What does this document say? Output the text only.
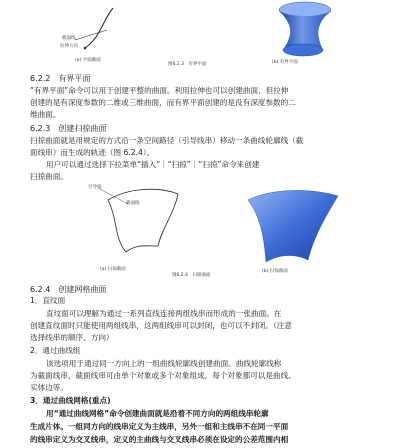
截面线
拉伸方向
(a) 平面截面	(b) 有界平面
图6.2.3　有界平面
6.2.2　有界平面
“有界平面”命令可以用于创建平整的曲面。利用拉伸也可以创建曲面，但拉伸
创建的是有深度参数的二维或三维曲面，而有界平面创建的是没有深度参数的二
维曲面。
6.2.3　创建扫掠曲面
扫掠曲面就是用规定的方式沿一条空间路径（引导线串）移动一条曲线轮廓线（截
面线串）而生成的轨迹（图 6.2.4）。
用户可以通过选择下拉菜单“插入”｜“扫掠”｜“扫掠”命令来创建
扫掠曲面。
引导线
截面线
(a) 扫掠截面	(b) 扫掠曲面
图6.2.4　扫掠曲面
6.2.4　创建网格曲面
1．直纹面
直纹面可以理解为通过一系列直线连接两组线串而形成的一张曲面。在
创建直纹面时只能使用两组线串，这两组线串可以封闭，也可以不封闭。（注意
选择线串的顺序、方向）
2．通过曲线组
该选项用于通过同一方向上的一组曲线轮廓线创建曲面。曲线轮廓线称
为截面线串，截面线串可由单个对象或多个对象组成，每个对象都可以是曲线、
实体边等。
3．通过曲线网格(重点)
用“通过曲线网格”命令创建曲面就是沿着不同方向的两组线串轮廓
生成片体。一组同方向的线串定义为主线串，另外一组和主线串不在同一平面
的线串定义为交叉线串，定义的主曲线与交叉线串必须在设定的公差范围内相
